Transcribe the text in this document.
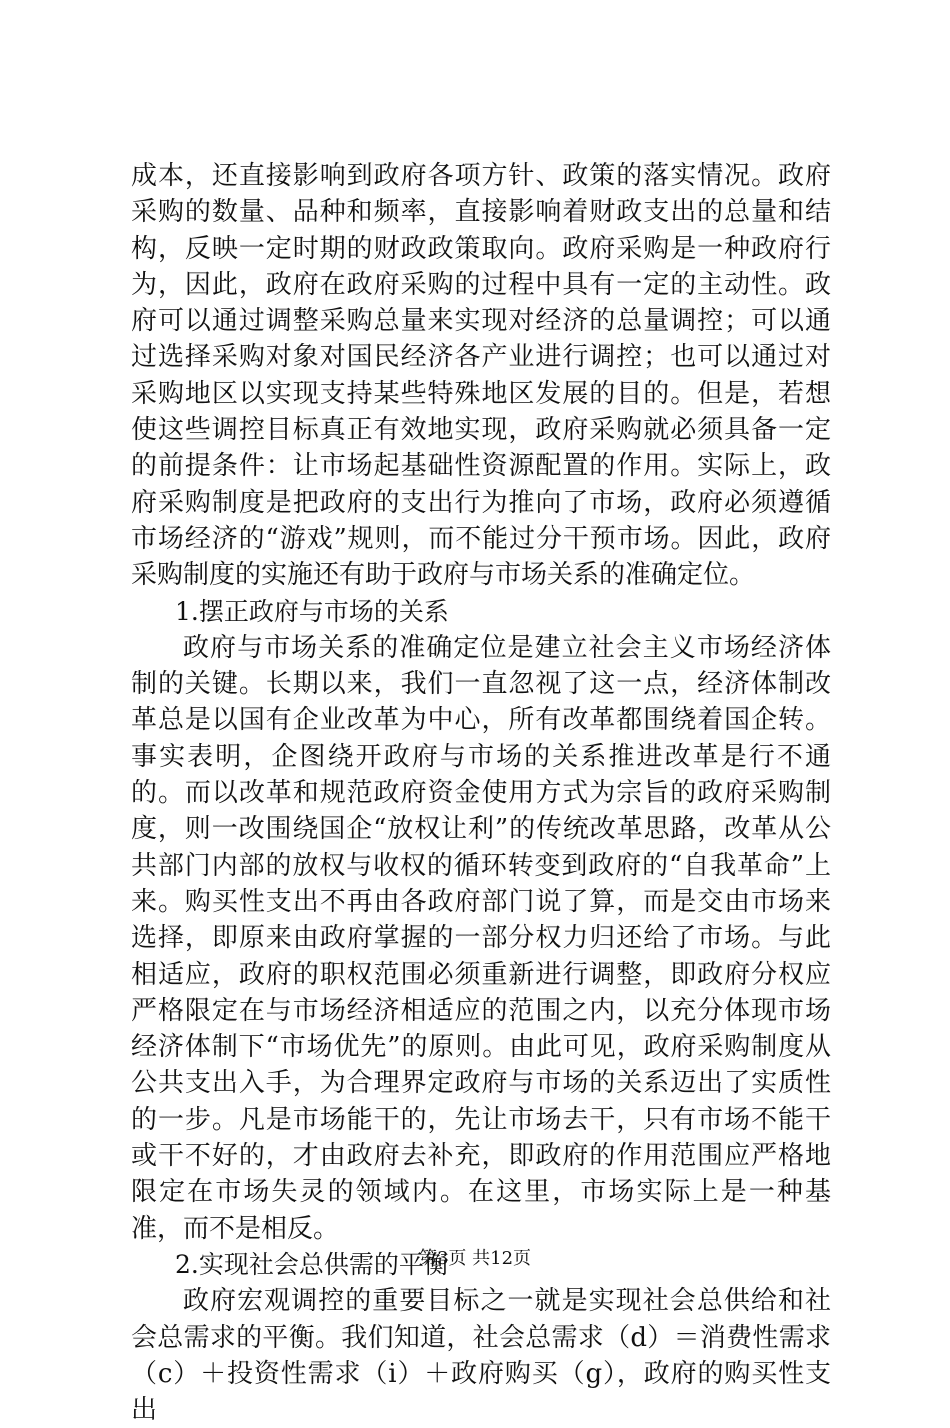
成本，还直接影响到政府各项方针、政策的落实情况。政府采购的数量、品种和频率，直接影响着财政支出的总量和结构，反映一定时期的财政政策取向。政府采购是一种政府行为，因此，政府在政府采购的过程中具有一定的主动性。政府可以通过调整采购总量来实现对经济的总量调控；可以通过选择采购对象对国民经济各产业进行调控；也可以通过对采购地区以实现支持某些特殊地区发展的目的。但是，若想使这些调控目标真正有效地实现，政府采购就必须具备一定的前提条件：让市场起基础性资源配置的作用。实际上，政府采购制度是把政府的支出行为推向了市场，政府必须遵循市场经济的“游戏”规则，而不能过分干预市场。因此，政府采购制度的实施还有助于政府与市场关系的准确定位。

1.摆正政府与市场的关系

政府与市场关系的准确定位是建立社会主义市场经济体制的关键。长期以来，我们一直忽视了这一点，经济体制改革总是以国有企业改革为中心，所有改革都围绕着国企转。事实表明，企图绕开政府与市场的关系推进改革是行不通的。而以改革和规范政府资金使用方式为宗旨的政府采购制度，则一改围绕国企“放权让利”的传统改革思路，改革从公共部门内部的放权与收权的循环转变到政府的“自我革命”上来。购买性支出不再由各政府部门说了算，而是交由市场来选择，即原来由政府掌握的一部分权力归还给了市场。与此相适应，政府的职权范围必须重新进行调整，即政府分权应严格限定在与市场经济相适应的范围之内，以充分体现市场经济体制下“市场优先”的原则。由此可见，政府采购制度从公共支出入手，为合理界定政府与市场的关系迈出了实质性的一步。凡是市场能干的，先让市场去干，只有市场不能干或干不好的，才由政府去补充，即政府的作用范围应严格地限定在市场失灵的领域内。在这里，市场实际上是一种基准，而不是相反。

2.实现社会总供需的平衡

政府宏观调控的重要目标之一就是实现社会总供给和社会总需求的平衡。我们知道，社会总需求（d）＝消费性需求（c）＋投资性需求（i）＋政府购买（g），政府的购买性支出

第3页 共12页
